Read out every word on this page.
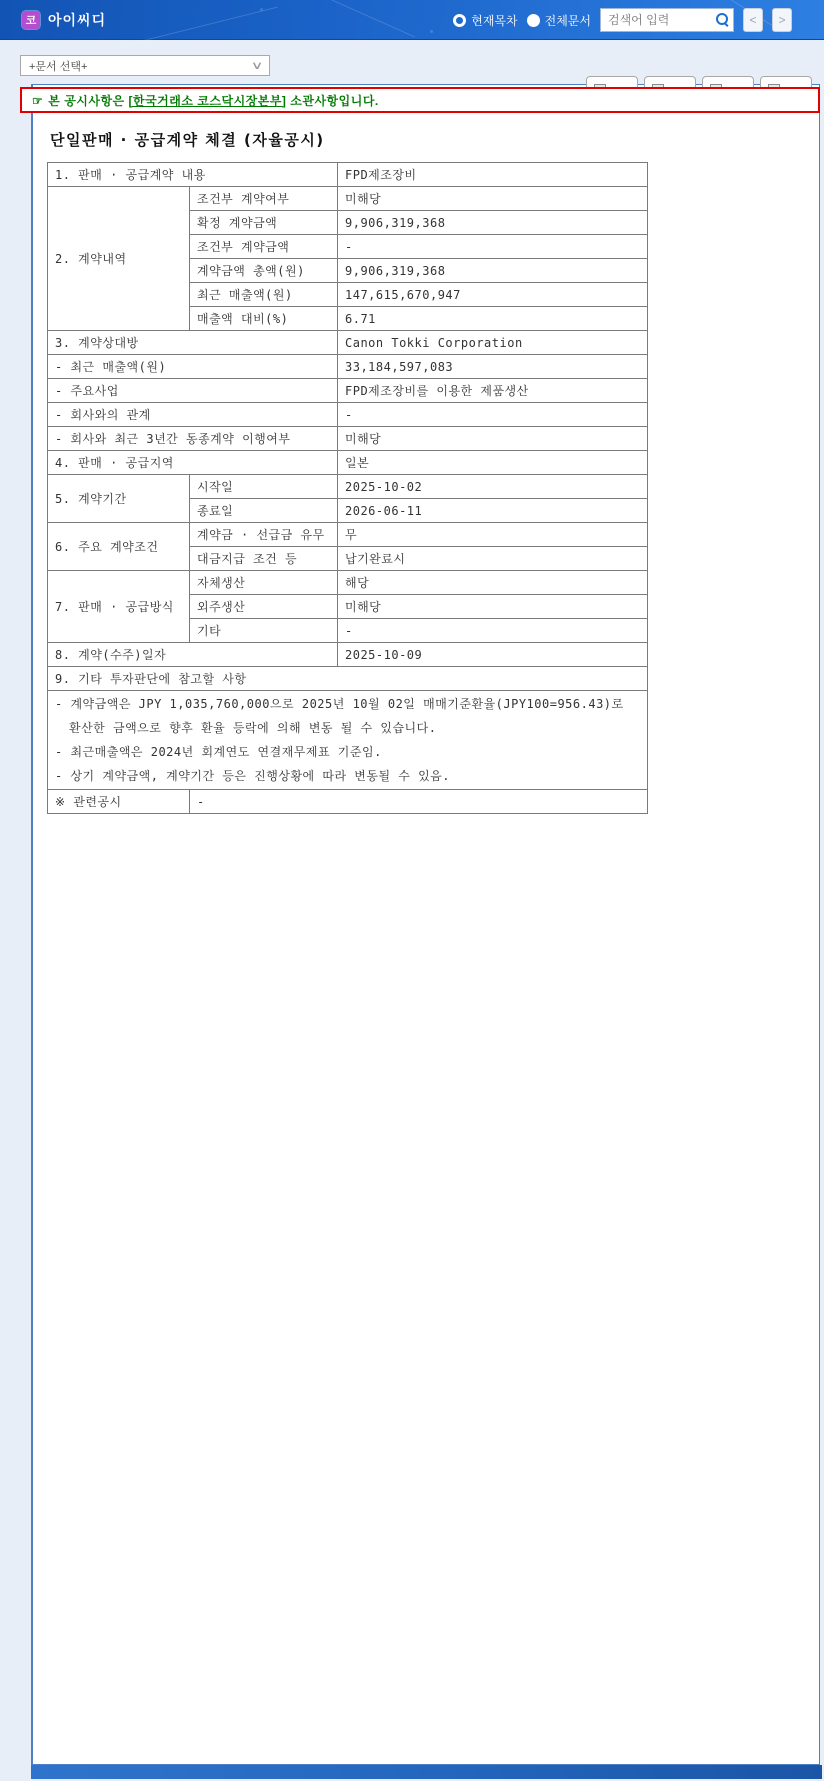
코 아이씨디	현재목차 전체문서
검색어 입력	<	>
+문서 선택+	∨
단일판매 · 공급계약 체결 (자율공시)
1. 판매 · 공급계약 내용		FPD제조장비
2. 계약내역	조건부 계약여부	미해당
	확정 계약금액	9,906,319,368
	조건부 계약금액	-
	계약금액 총액(원)	9,906,319,368
	최근 매출액(원)	147,615,670,947
	매출액 대비(%)	6.71
3. 계약상대방		Canon Tokki Corporation
- 최근 매출액(원)		33,184,597,083
- 주요사업		FPD제조장비를 이용한 제품생산
- 회사와의 관계		-
- 회사와 최근 3년간 동종계약 이행여부		미해당
4. 판매 · 공급지역		일본
5. 계약기간	시작일	2025-10-02
	종료일	2026-06-11
6. 주요 계약조건	계약금 · 선급금 유무	무
	대금지급 조건 등	납기완료시
7. 판매 · 공급방식	자체생산	해당
	외주생산	미해당
	기타	-
8. 계약(수주)일자		2025-10-09
9. 기타 투자판단에 참고할 사항		

- 계약금액은 JPY 1,035,760,000으로 2025년 10월 02일 매매기준환율(JPY100=956.43)로
환산한 금액으로 향후 환율 등락에 의해 변동 될 수 있습니다.
- 최근매출액은 2024년 회계연도 연결재무제표 기준임.
- 상기 계약금액, 계약기간 등은 진행상황에 따라 변동될 수 있음.		

※ 관련공시	-	
☞ 본 공시사항은 [한국거래소 코스닥시장본부] 소관사항입니다.
